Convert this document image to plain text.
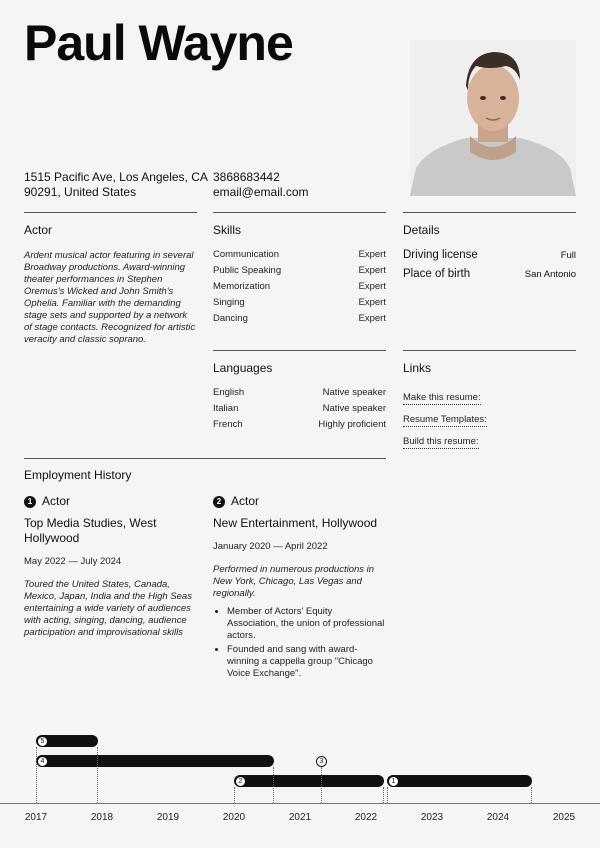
Paul Wayne
1515 Pacific Ave, Los Angeles, CA
90291, United States
3868683442
email@email.com
Actor
Ardent musical actor featuring in several Broadway productions. Award-winning theater performances in Stephen Oremus's Wicked and John Smith's Ophelia. Familiar with the demanding stage sets and supported by a network of stage contacts. Recognized for artistic veracity and classic soprano.
Skills
Communication	Expert
Public Speaking	Expert
Memorization	Expert
Singing	Expert
Dancing	Expert
Details
Driving license	Full
Place of birth	San Antonio
Languages
English	Native speaker
Italian	Native speaker
French	Highly proficient
Links
Make this resume:
Resume Templates:
Build this resume:
Employment History
1 Actor
Top Media Studies, West Hollywood
May 2022 — July 2024
Toured the United States, Canada, Mexico, Japan, India and the High Seas entertaining a wide variety of audiences with acting, singing, dancing, audience participation and improvisational skills
2 Actor
New Entertainment, Hollywood
January 2020 — April 2022
Performed in numerous productions in New York, Chicago, Las Vegas and regionally.
• Member of Actors' Equity Association, the union of professional actors.
• Founded and sang with award-winning a cappella group "Chicago Voice Exchange".
5
4	3
2	1
2017	2018	2019	2020	2021	2022	2023	2024	2025
